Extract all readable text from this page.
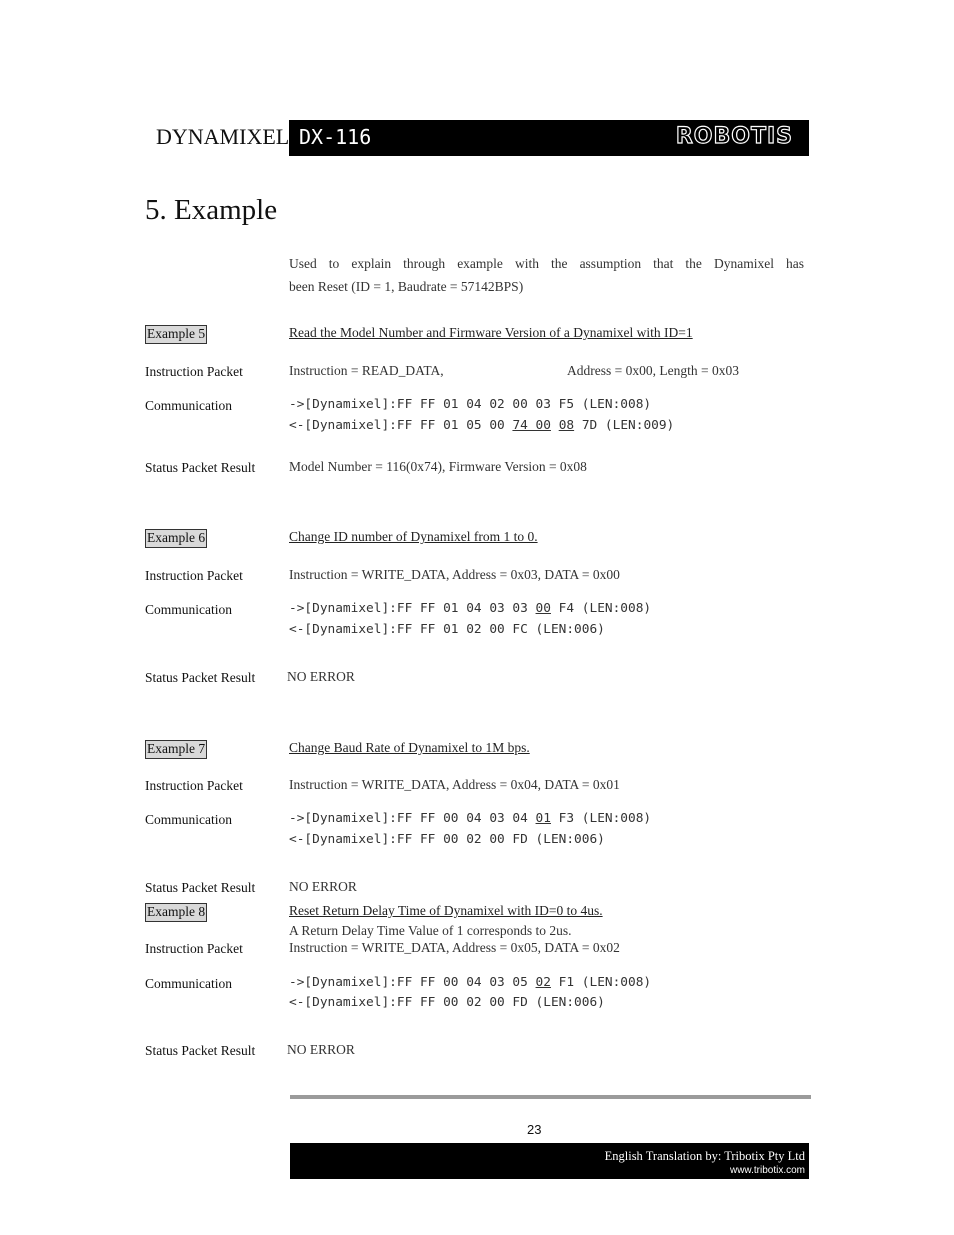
DYNAMIXEL DX-116	ROBOTIS
5. Example
Used to explain through example with the assumption that the Dynamixel has
been Reset (ID = 1, Baudrate = 57142BPS)
Example 5	Read the Model Number and Firmware Version of a Dynamixel with ID=1
Instruction Packet	Instruction = READ_DATA,	Address = 0x00, Length = 0x03
Communication	->[Dynamixel]:FF FF 01 04 02 00 03 F5 (LEN:008)
<-[Dynamixel]:FF FF 01 05 00 74 00 08 7D (LEN:009)
Status Packet Result	Model Number = 116(0x74), Firmware Version = 0x08
Example 6	Change ID number of Dynamixel from 1 to 0.
Instruction Packet	Instruction = WRITE_DATA, Address = 0x03, DATA = 0x00
Communication	->[Dynamixel]:FF FF 01 04 03 03 00 F4 (LEN:008)
<-[Dynamixel]:FF FF 01 02 00 FC (LEN:006)
Status Packet Result NO ERROR
Example 7	Change Baud Rate of Dynamixel to 1M bps.
Instruction Packet	Instruction = WRITE_DATA, Address = 0x04, DATA = 0x01
Communication	->[Dynamixel]:FF FF 00 04 03 04 01 F3 (LEN:008)
<-[Dynamixel]:FF FF 00 02 00 FD (LEN:006)
Status Packet Result	NO ERROR
Example 8	Reset Return Delay Time of Dynamixel with ID=0 to 4us.
A Return Delay Time Value of 1 corresponds to 2us.
Instruction Packet	Instruction = WRITE_DATA, Address = 0x05, DATA = 0x02
Communication	->[Dynamixel]:FF FF 00 04 03 05 02 F1 (LEN:008)
<-[Dynamixel]:FF FF 00 02 00 FD (LEN:006)
Status Packet Result NO ERROR
23
English Translation by: Tribotix Pty Ltd
www.tribotix.com
